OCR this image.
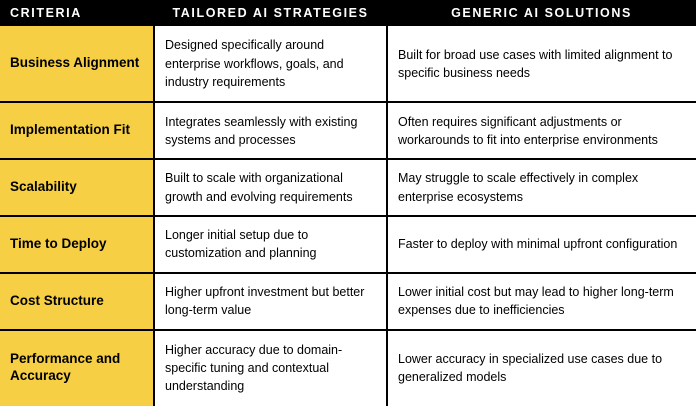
CRITERIA	TAILORED AI STRATEGIES	GENERIC AI SOLUTIONS
Business Alignment	Designed specifically around enterprise workflows, goals, and industry requirements	Built for broad use cases with limited alignment to specific business needs
Implementation Fit	Integrates seamlessly with existing systems and processes	Often requires significant adjustments or workarounds to fit into enterprise environments
Scalability	Built to scale with organizational growth and evolving requirements	May struggle to scale effectively in complex enterprise ecosystems
Time to Deploy	Longer initial setup due to customization and planning	Faster to deploy with minimal upfront configuration
Cost Structure	Higher upfront investment but better long-term value	Lower initial cost but may lead to higher long-term expenses due to inefficiencies
Performance and Accuracy	Higher accuracy due to domain-specific tuning and contextual understanding	Lower accuracy in specialized use cases due to generalized models
